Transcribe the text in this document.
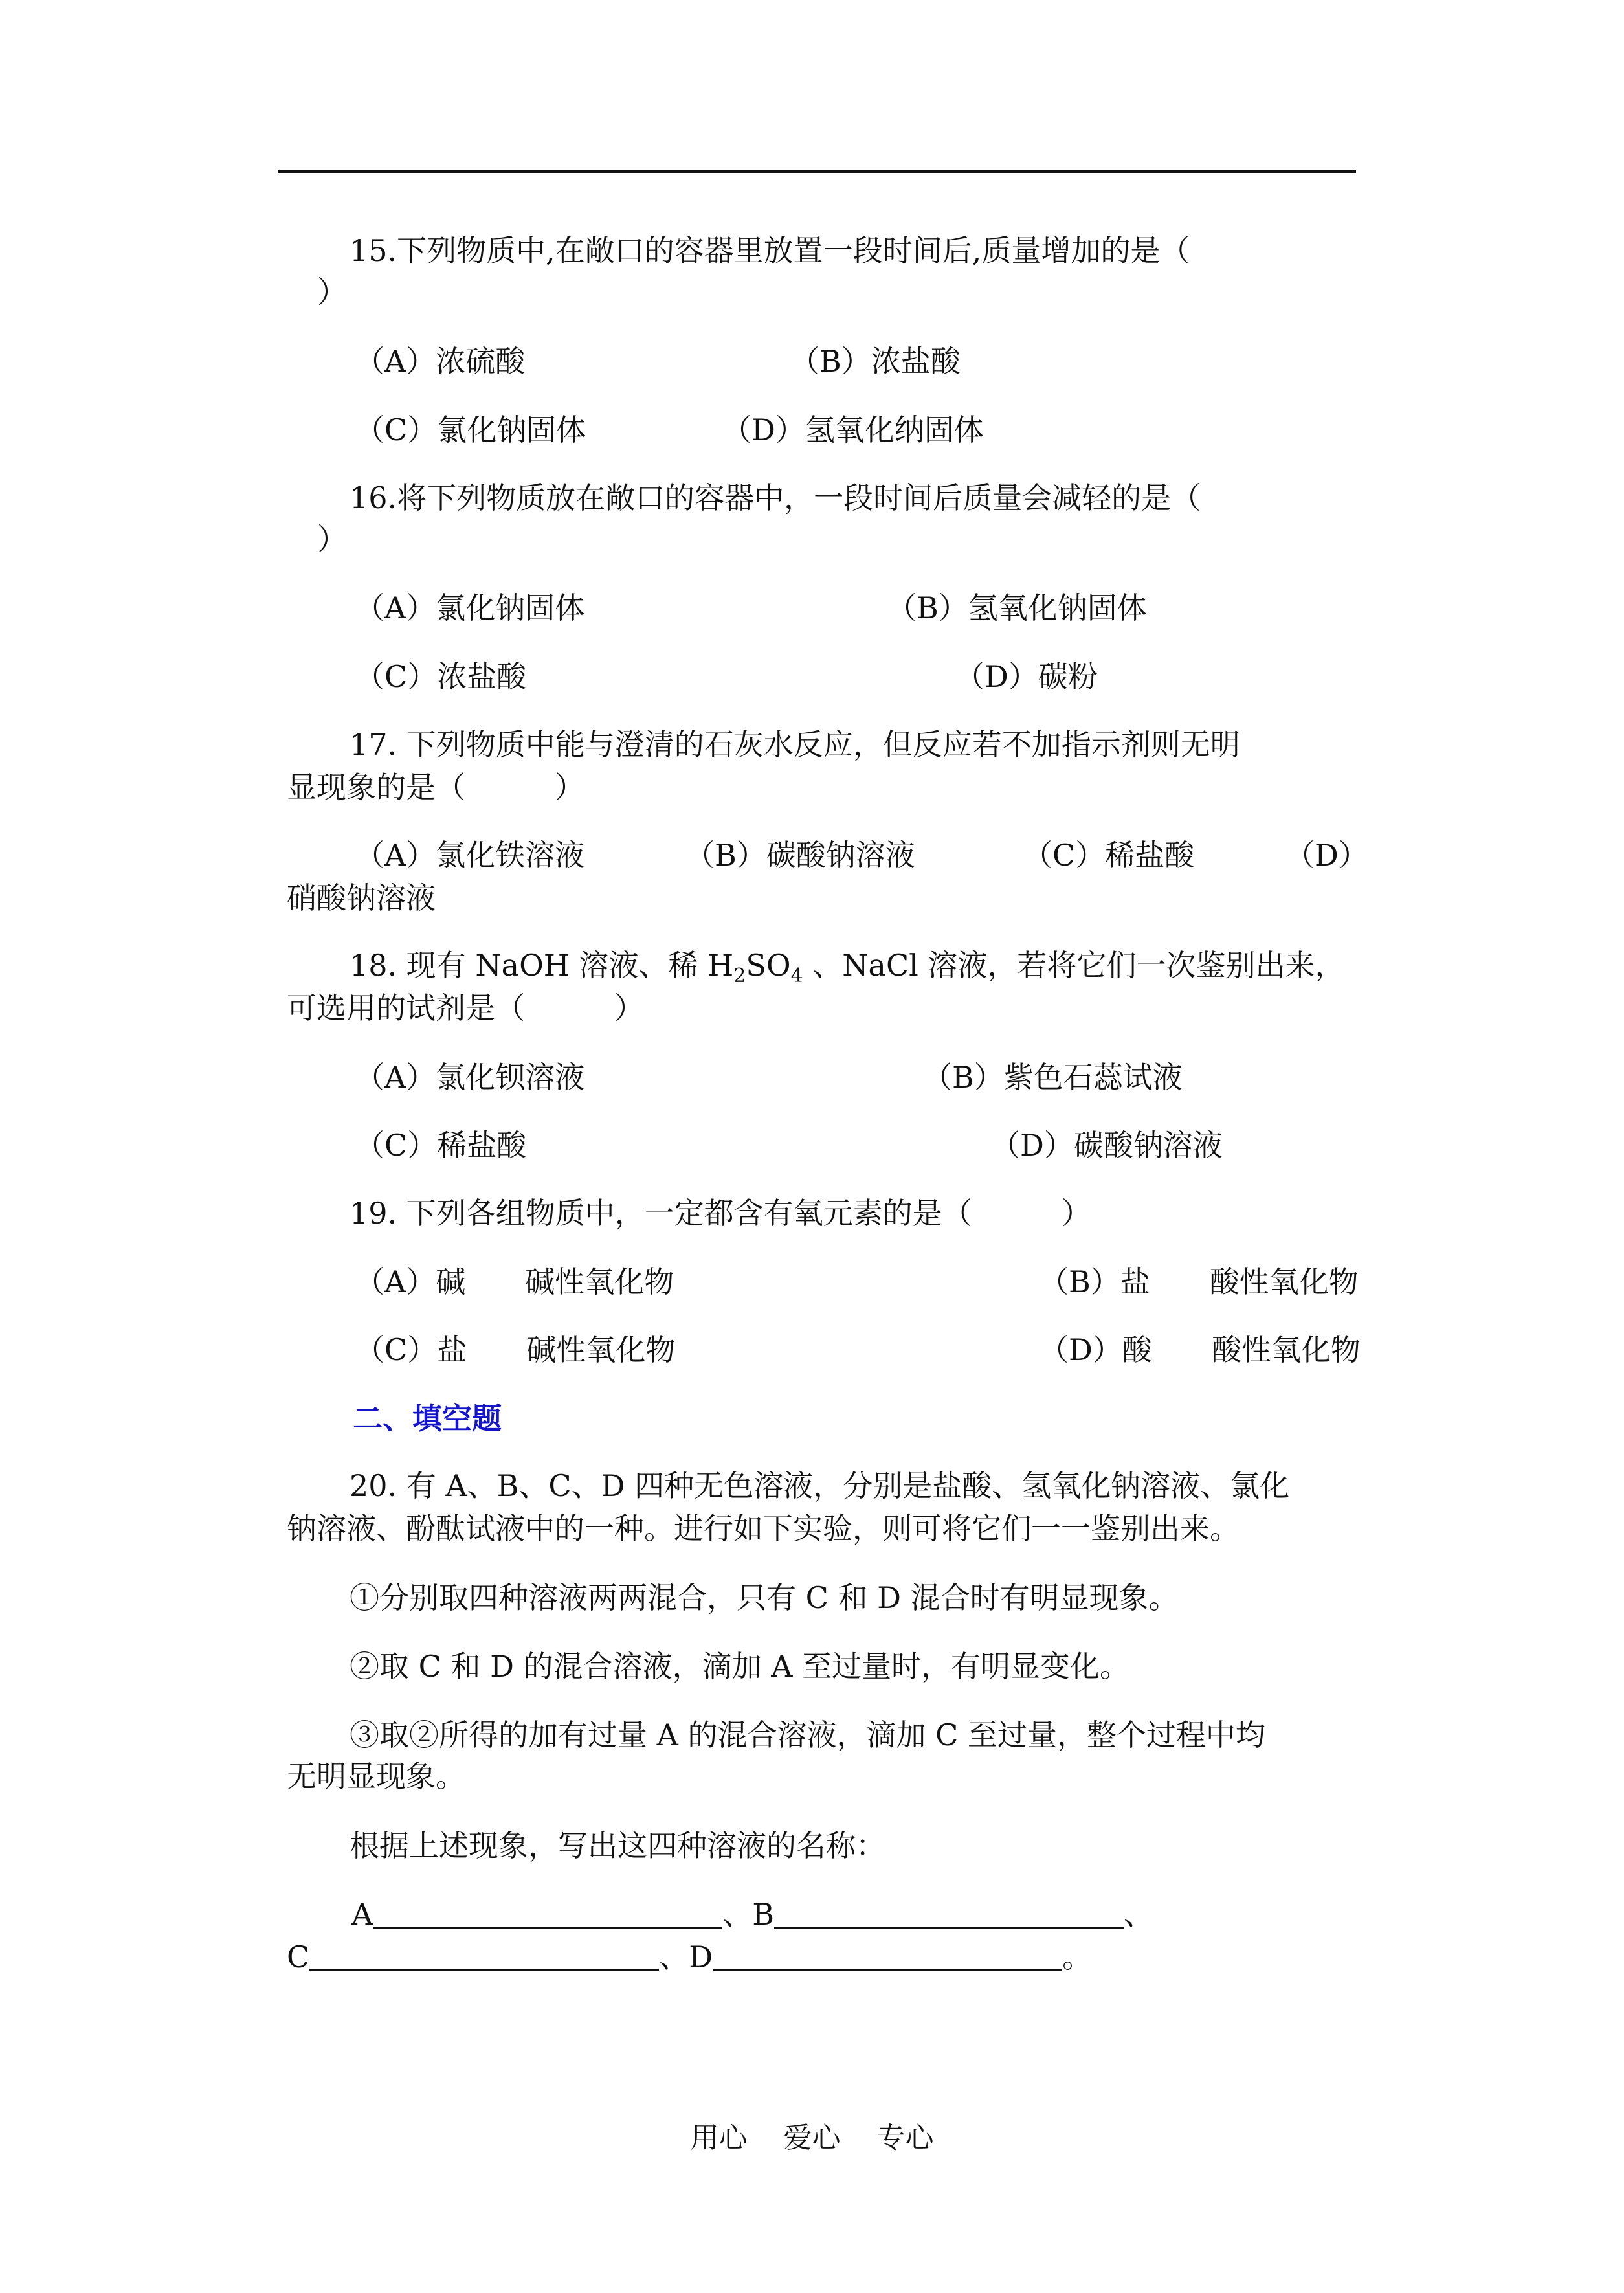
15.下列物质中,在敞口的容器里放置一段时间后,质量增加的是（
）
（A）浓硫酸	（B）浓盐酸
（C）氯化钠固体	（D）氢氧化纳固体
16.将下列物质放在敞口的容器中，一段时间后质量会减轻的是（
）
（A）氯化钠固体	（B）氢氧化钠固体
（C）浓盐酸	（D）碳粉
17. 下列物质中能与澄清的石灰水反应，但反应若不加指示剂则无明
显现象的是（　　　）
（A）氯化铁溶液	（B）碳酸钠溶液	（C）稀盐酸	（D）
硝酸钠溶液
18. 现有 NaOH 溶液、稀 $H_2SO_4$ 、NaCl 溶液，若将它们一次鉴别出来，
可选用的试剂是（　　　）
（A）氯化钡溶液	（B）紫色石蕊试液
（C）稀盐酸	（D）碳酸钠溶液
19. 下列各组物质中，一定都含有氧元素的是（　　　）
（A）碱　　碱性氧化物	（B）盐　　酸性氧化物
（C）盐　　碱性氧化物	（D）酸　　酸性氧化物
二、填空题
20. 有 A、B、C、D 四种无色溶液，分别是盐酸、氢氧化钠溶液、氯化
钠溶液、酚酞试液中的一种。进行如下实验，则可将它们一一鉴别出来。
①分别取四种溶液两两混合，只有 C 和 D 混合时有明显现象。
②取 C 和 D 的混合溶液，滴加 A 至过量时，有明显变化。
③取②所得的加有过量 A 的混合溶液，滴加 C 至过量，整个过程中均
无明显现象。
根据上述现象，写出这四种溶液的名称：
A	、B	、
C	、D	。
用心 爱心 专心
